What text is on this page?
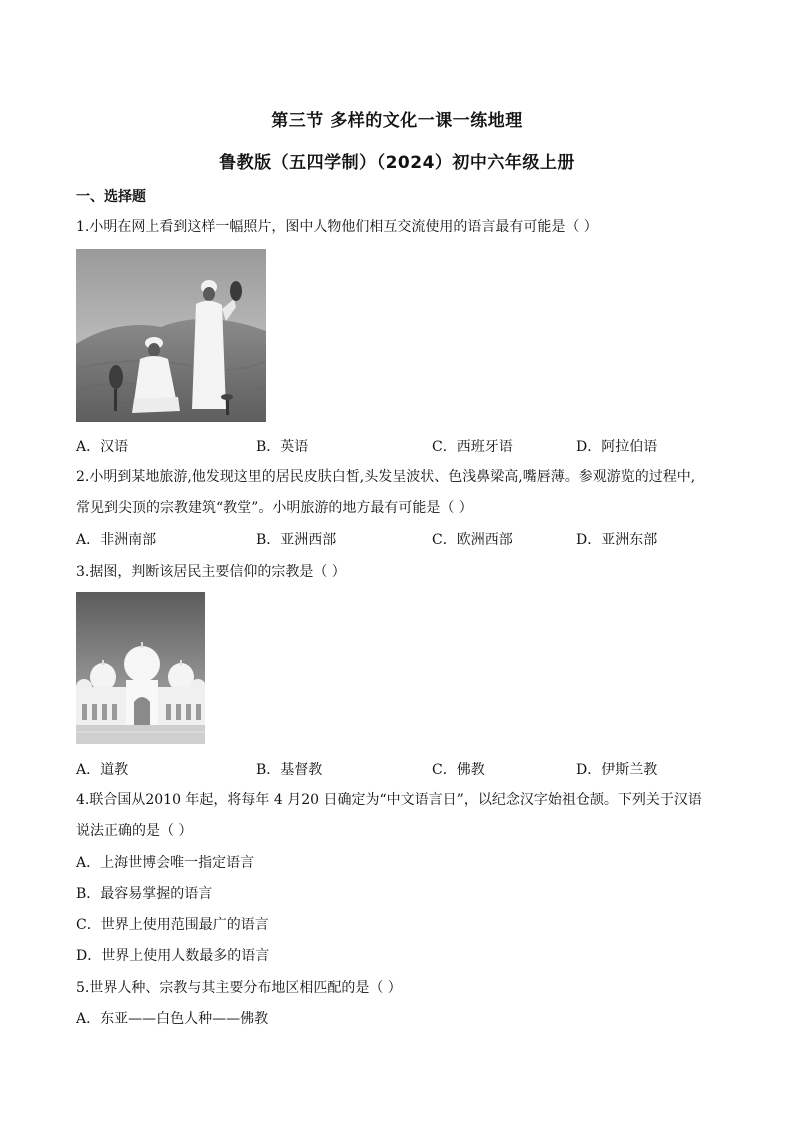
第三节 多样的文化一课一练地理
鲁教版（五四学制）（2024）初中六年级上册
一、选择题
1.小明在网上看到这样一幅照片，图中人物他们相互交流使用的语言最有可能是（ ）
A．汉语	B．英语	C．西班牙语	D．阿拉伯语
2.小明到某地旅游,他发现这里的居民皮肤白皙,头发呈波状、色浅鼻梁高,嘴唇薄。参观游览的过程中,
常见到尖顶的宗教建筑“教堂”。小明旅游的地方最有可能是（ ）
A．非洲南部	B．亚洲西部	C．欧洲西部	D．亚洲东部
3.据图，判断该居民主要信仰的宗教是（ ）
A．道教	B．基督教	C．佛教	D．伊斯兰教
4.联合国从2010 年起，将每年 4 月20 日确定为“中文语言日”，以纪念汉字始祖仓颉。下列关于汉语
说法正确的是（ ）
A．上海世博会唯一指定语言
B．最容易掌握的语言
C．世界上使用范围最广的语言
D．世界上使用人数最多的语言
5.世界人种、宗教与其主要分布地区相匹配的是（ ）
A．东亚——白色人种——佛教
